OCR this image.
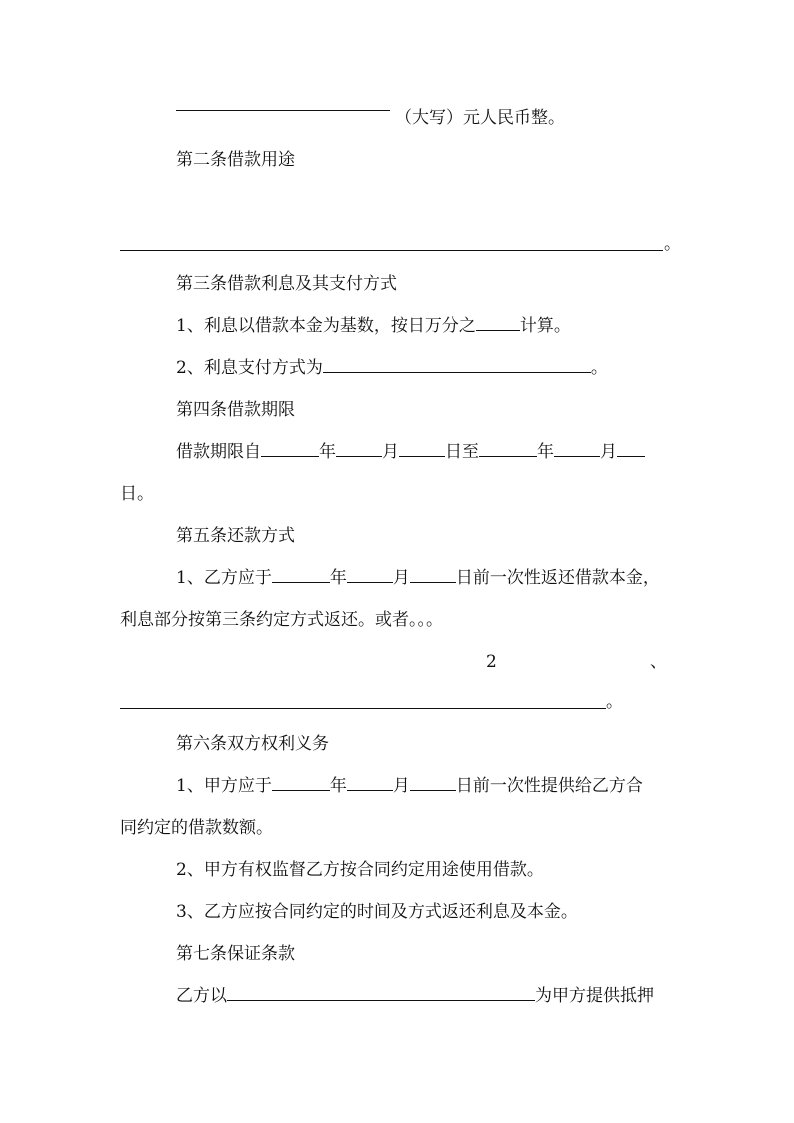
（大写）元人民币整。
第二条借款用途
。
第三条借款利息及其支付方式
1、利息以借款本金为基数，按日万分之	计算。
2、利息支付方式为	。
第四条借款期限
借款期限自	年	月	日至	年	月
日。
第五条还款方式
1、乙方应于	年	月	日前一次性返还借款本金，
利息部分按第三条约定方式返还。或者。。。
2	、
。
第六条双方权利义务
1、甲方应于	年	月	日前一次性提供给乙方合
同约定的借款数额。
2、甲方有权监督乙方按合同约定用途使用借款。
3、乙方应按合同约定的时间及方式返还利息及本金。
第七条保证条款
乙方以	为甲方提供抵押
